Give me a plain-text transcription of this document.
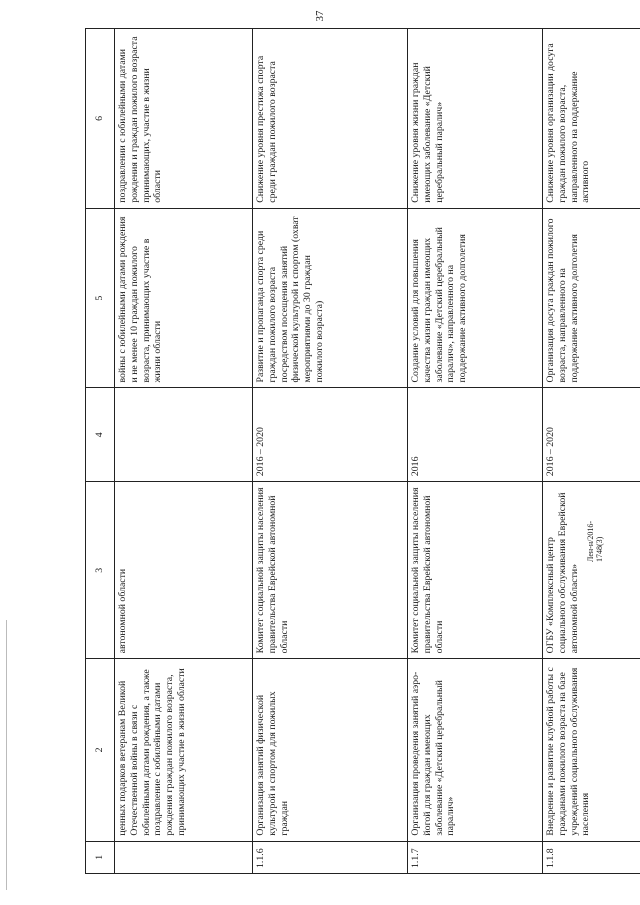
37
1	2	3	4	5	6
	ценных подарков ветеранам Великой Отечественной войны в связи с юбилейными датами рождения, а также поздравление с юбилейными датами рождения граждан пожилого возраста, принимающих участие в жизни области	автономной области		войны с юбилейными датами рождения и не менее 10 граждан пожилого возраста, принимающих участие в жизни области	поздравлении с юбилейными датами рождения и граждан пожилого возраста принимающих, участие в жизни области
1.1.6	Организация занятий физической культурой и спортом для пожилых граждан	Комитет социальной защиты населения правительства Еврейской автономной области	2016 – 2020	Развитие и пропаганда спорта среди граждан пожилого возраста посредством посещения занятий физической культурой и спортом (охват мероприятиями до 30 граждан пожилого возраста)	Снижение уровня престижа спорта среди граждан пожилого возраста
1.1.7	Организация проведения занятий аэро-йогой для граждан имеющих заболевание «Детский церебральный паралич»	Комитет социальной защиты населения правительства Еврейской автономной области	2016	Создание условий для повышения качества жизни граждан имеющих заболевание «Детский церебральный паралич», направленного на поддержание активного долголетия	Снижение уровня жизни граждан имеющих заболевание «Детский церебральный паралич»
1.1.8	Внедрение и развитие клубной работы с гражданами пожилого возраста на базе учреждений социального обслуживания населения	ОГБУ «Комплексный центр социального обслуживания Еврейской автономной области»	2016 – 2020	Организация досуга граждан пожилого возраста, направленного на поддержание активного долголетия	Снижение уровня организации досуга граждан пожилого возраста, направленного на поддержание активного
Лен-н/2016-1748(3)
